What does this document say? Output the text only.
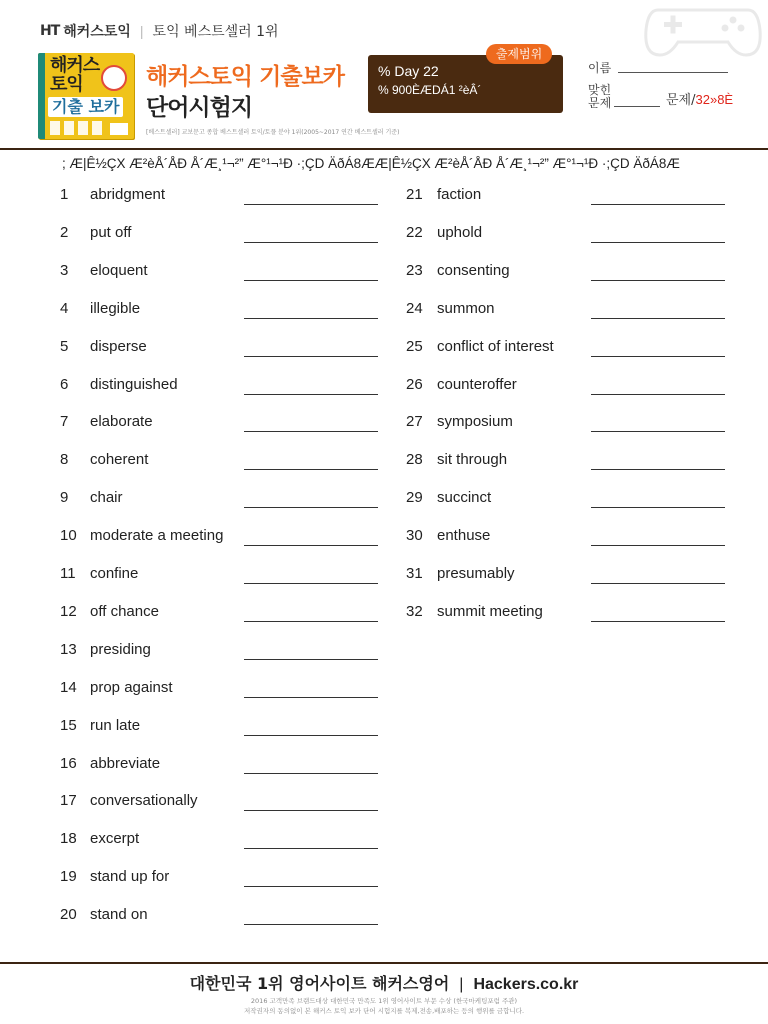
HT 해커스토익 | 토익 베스트셀러 1위
해커스
토익
기출 보카
해커스토익 기출보카
단어시험지
% Day 22
% 900ÈÆDÁ1 ²èÂ´
출제범위
이름
맞힌
문제	문제/32»8È
[베스트셀러] 교보문고 종합 베스트셀러 토익/토플 분야 1위(2005~2017 연간 베스트셀러 기준)
; Æ|Ê½ÇX Æ²èÅ´ÅÐ Å´Æ¸¹¬²” Æ°¹¬¹Ð ·;ÇD ÄðÁ8ÆÆ|Ê½ÇX Æ²èÅ´ÅÐ Å´Æ¸¹¬²” Æ°¹¬¹Ð ·;ÇD ÄðÁ8Æ
1	abridgment
2	put off
3	eloquent
4	illegible
5	disperse
6	distinguished
7	elaborate
8	coherent
9	chair
10 moderate a meeting
11 confine
12 off chance
13 presiding
14 prop against
15 run late
16 abbreviate
17 conversationally
18 excerpt
19 stand up for
20 stand on
21 faction
22 uphold
23 consenting
24 summon
25 conflict of interest
26 counteroffer
27 symposium
28 sit through
29 succinct
30 enthuse
31 presumably
32 summit meeting
대한민국 1위 영어사이트 해커스영어 | Hackers.co.kr
2016 고객만족 브랜드대상 대한민국 만족도 1위 영어사이트 부문 수상 (한국마케팅포럼 주관)
저작권자의 동의없이 본 해커스 토익 보카 단어 시험지를 복제,전송,배포하는 등의 행위를 금합니다.
